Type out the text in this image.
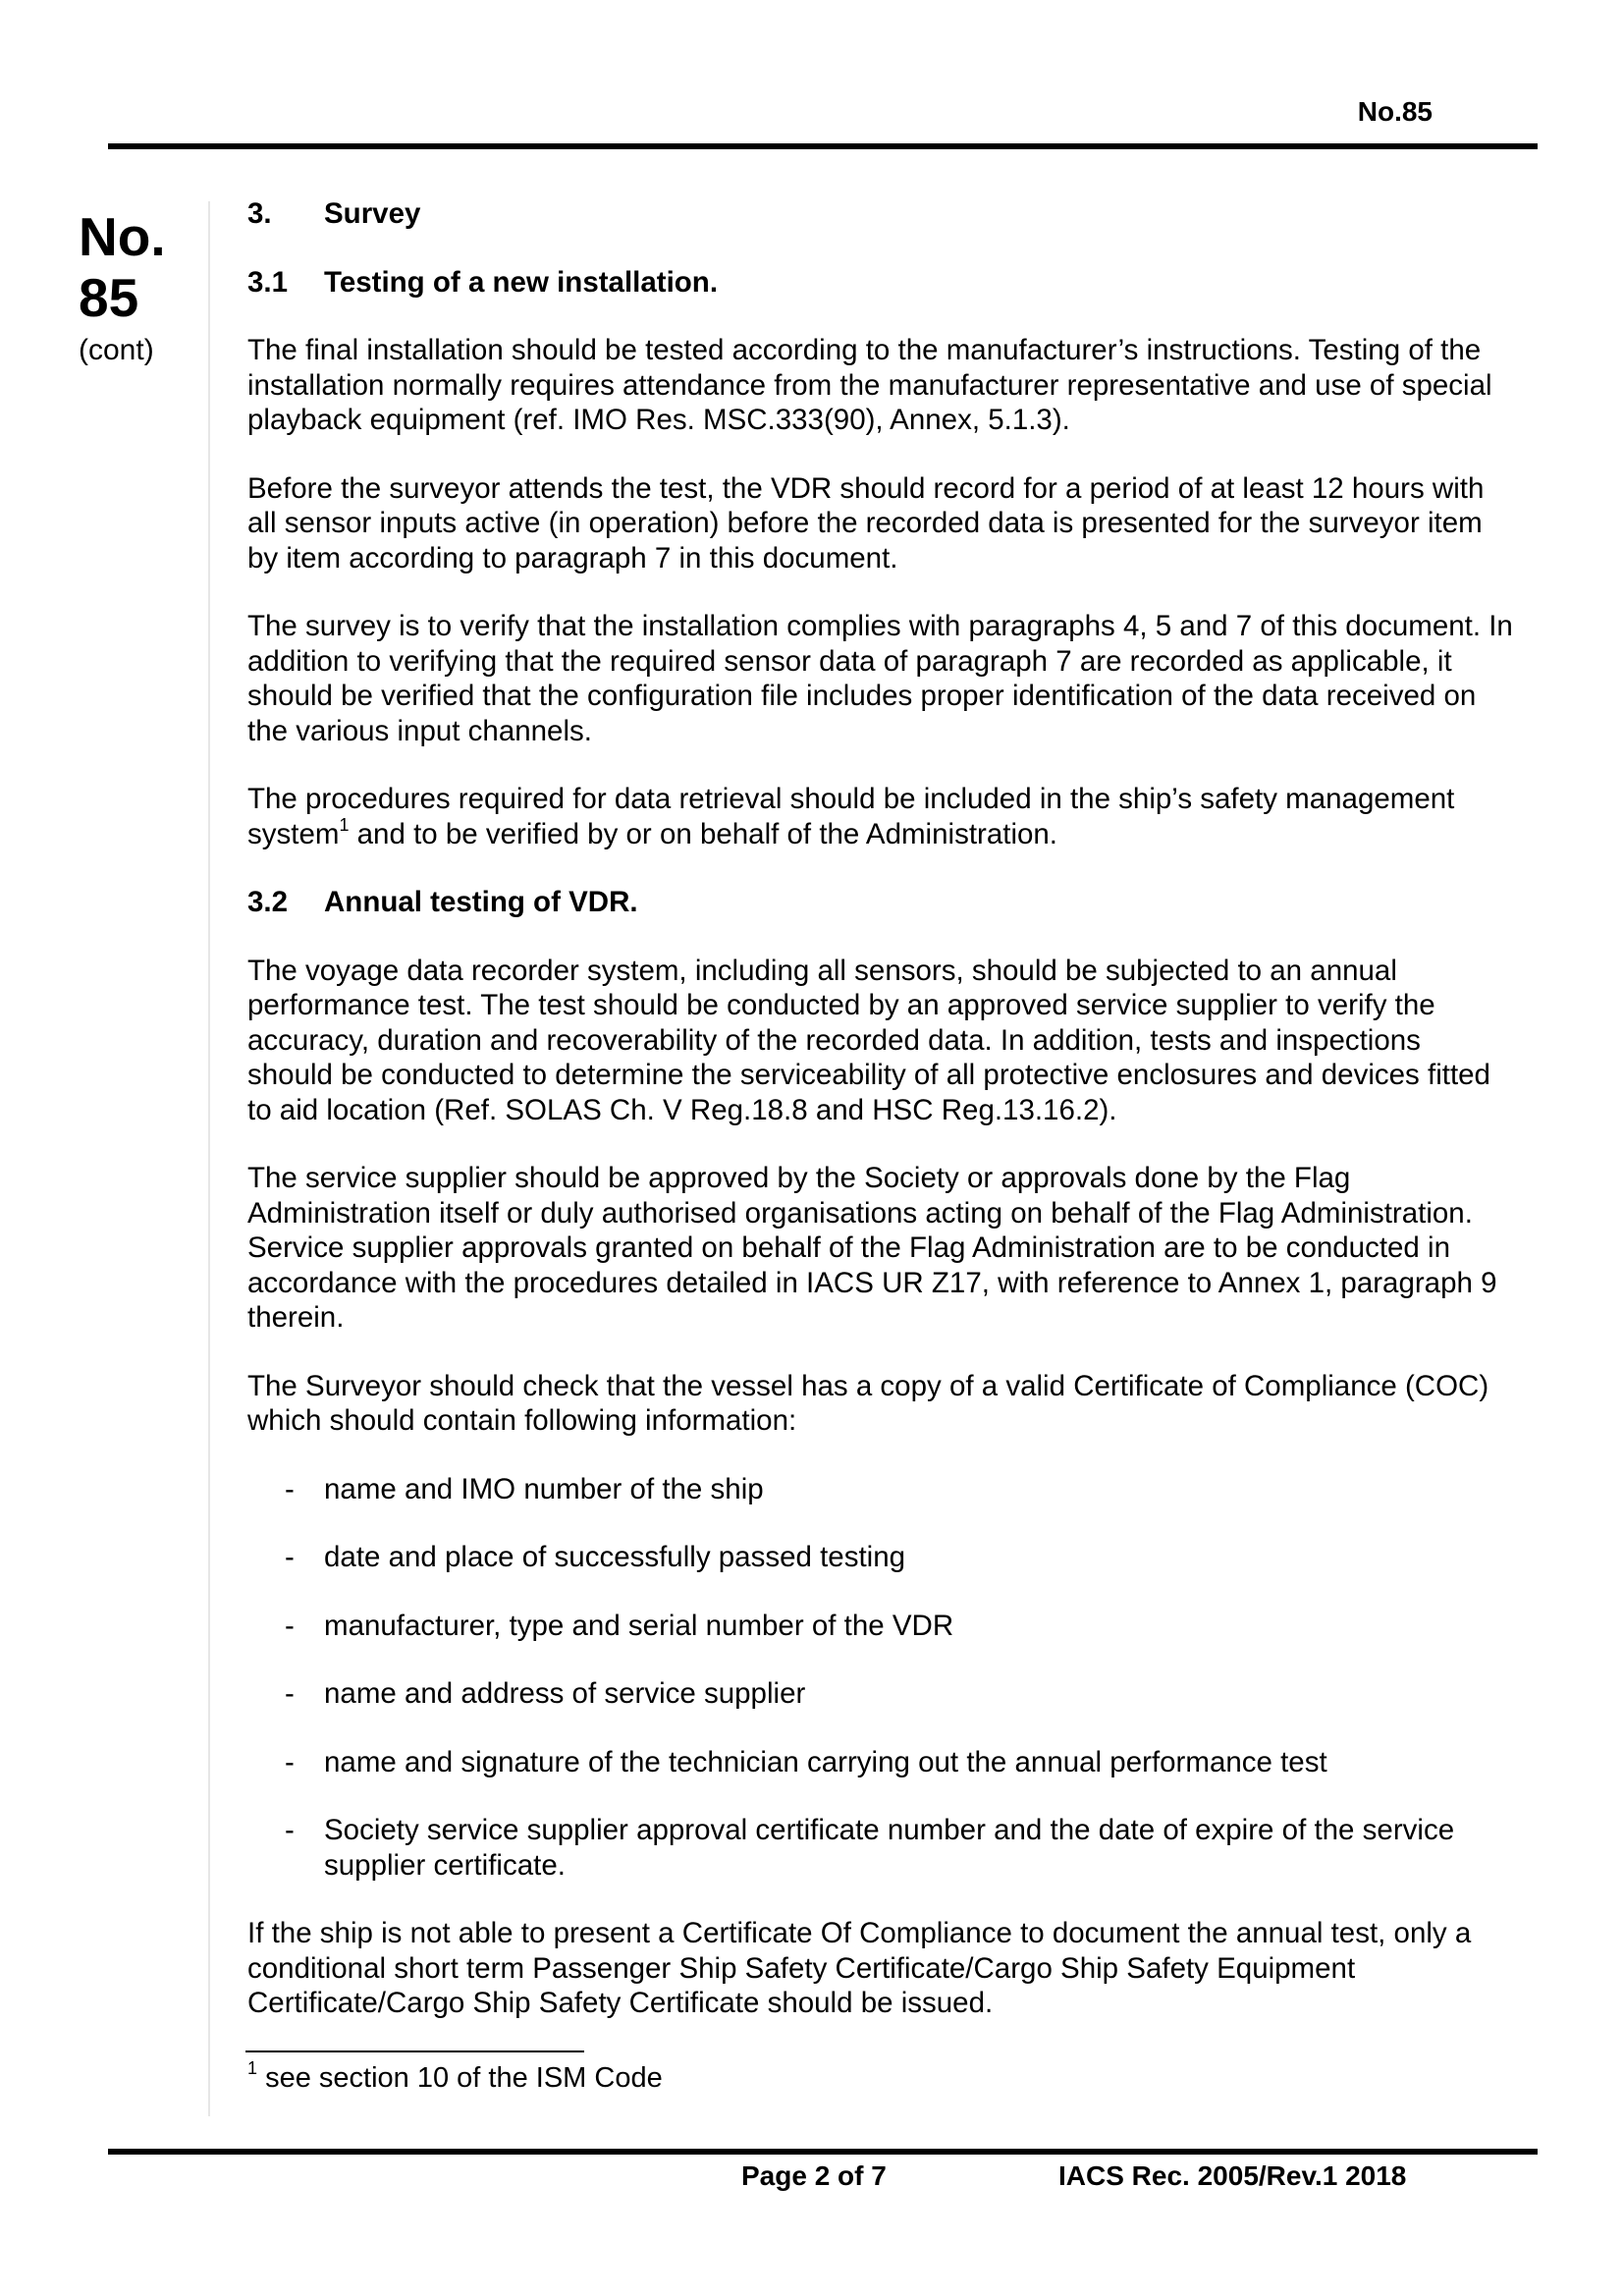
No.85
No.
85
(cont)
3.	Survey
3.1	Testing of a new installation.
The final installation should be tested according to the manufacturer’s instructions. Testing of the installation normally requires attendance from the manufacturer representative and use of special playback equipment (ref. IMO Res. MSC.333(90), Annex, 5.1.3).
Before the surveyor attends the test, the VDR should record for a period of at least 12 hours with all sensor inputs active (in operation) before the recorded data is presented for the surveyor item by item according to paragraph 7 in this document.
The survey is to verify that the installation complies with paragraphs 4, 5 and 7 of this document. In addition to verifying that the required sensor data of paragraph 7 are recorded as applicable, it should be verified that the configuration file includes proper identification of the data received on the various input channels.
The procedures required for data retrieval should be included in the ship’s safety management system$^1$ and to be verified by or on behalf of the Administration.
3.2	Annual testing of VDR.
The voyage data recorder system, including all sensors, should be subjected to an annual performance test. The test should be conducted by an approved service supplier to verify the accuracy, duration and recoverability of the recorded data. In addition, tests and inspections should be conducted to determine the serviceability of all protective enclosures and devices fitted to aid location (Ref. SOLAS Ch. V Reg.18.8 and HSC Reg.13.16.2).
The service supplier should be approved by the Society or approvals done by the Flag Administration itself or duly authorised organisations acting on behalf of the Flag Administration. Service supplier approvals granted on behalf of the Flag Administration are to be conducted in accordance with the procedures detailed in IACS UR Z17, with reference to Annex 1, paragraph 9 therein.
The Surveyor should check that the vessel has a copy of a valid Certificate of Compliance (COC) which should contain following information:
-	name and IMO number of the ship
-	date and place of successfully passed testing
-	manufacturer, type and serial number of the VDR
-	name and address of service supplier
-	name and signature of the technician carrying out the annual performance test
-	Society service supplier approval certificate number and the date of expire of the service supplier certificate.
If the ship is not able to present a Certificate Of Compliance to document the annual test, only a conditional short term Passenger Ship Safety Certificate/Cargo Ship Safety Equipment Certificate/Cargo Ship Safety Certificate should be issued.
$^1$ see section 10 of the ISM Code
Page 2 of 7	IACS Rec. 2005/Rev.1 2018
